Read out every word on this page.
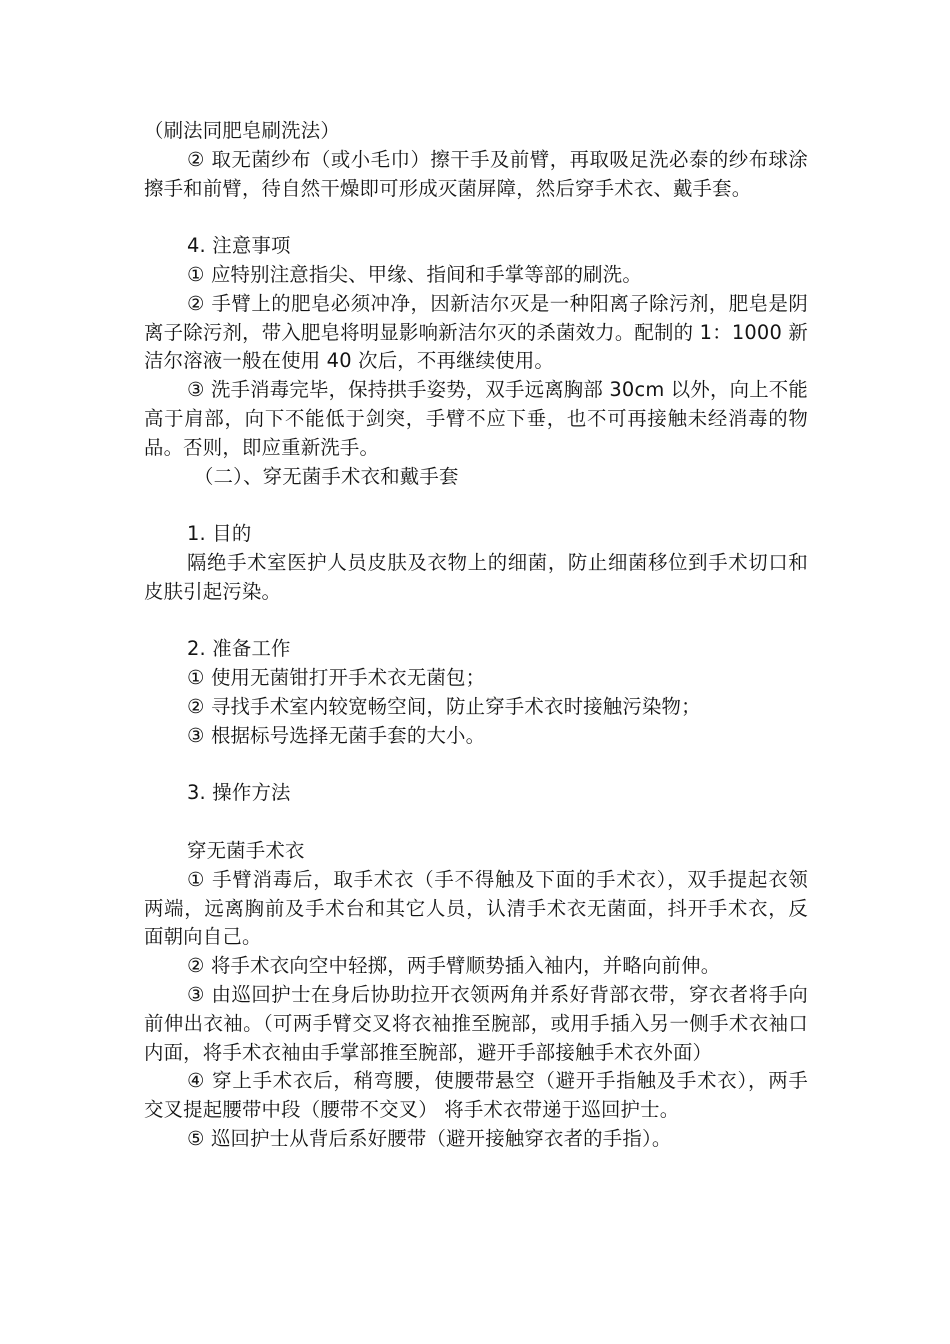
（刷法同肥皂刷洗法）

② 取无菌纱布（或小毛巾）擦干手及前臂，再取吸足洗必泰的纱布球涂擦手和前臂，待自然干燥即可形成灭菌屏障，然后穿手术衣、戴手套。

4. 注意事项

① 应特别注意指尖、甲缘、指间和手掌等部的刷洗。

② 手臂上的肥皂必须冲净，因新洁尔灭是一种阳离子除污剂，肥皂是阴离子除污剂，带入肥皂将明显影响新洁尔灭的杀菌效力。配制的 1：1000 新洁尔溶液一般在使用 40 次后，不再继续使用。

③ 洗手消毒完毕，保持拱手姿势，双手远离胸部 30cm 以外，向上不能高于肩部，向下不能低于剑突，手臂不应下垂，也不可再接触未经消毒的物品。否则，即应重新洗手。

（二）、穿无菌手术衣和戴手套

1. 目的

隔绝手术室医护人员皮肤及衣物上的细菌，防止细菌移位到手术切口和皮肤引起污染。

2. 准备工作

① 使用无菌钳打开手术衣无菌包；

② 寻找手术室内较宽畅空间，防止穿手术衣时接触污染物；

③ 根据标号选择无菌手套的大小。

3. 操作方法

穿无菌手术衣

① 手臂消毒后，取手术衣（手不得触及下面的手术衣），双手提起衣领两端，远离胸前及手术台和其它人员，认清手术衣无菌面，抖开手术衣，反面朝向自己。

② 将手术衣向空中轻掷，两手臂顺势插入袖内，并略向前伸。

③ 由巡回护士在身后协助拉开衣领两角并系好背部衣带，穿衣者将手向前伸出衣袖。（可两手臂交叉将衣袖推至腕部，或用手插入另一侧手术衣袖口内面，将手术衣袖由手掌部推至腕部，避开手部接触手术衣外面）

④ 穿上手术衣后，稍弯腰，使腰带悬空（避开手指触及手术衣），两手交叉提起腰带中段（腰带不交叉） 将手术衣带递于巡回护士。

⑤ 巡回护士从背后系好腰带（避开接触穿衣者的手指）。
